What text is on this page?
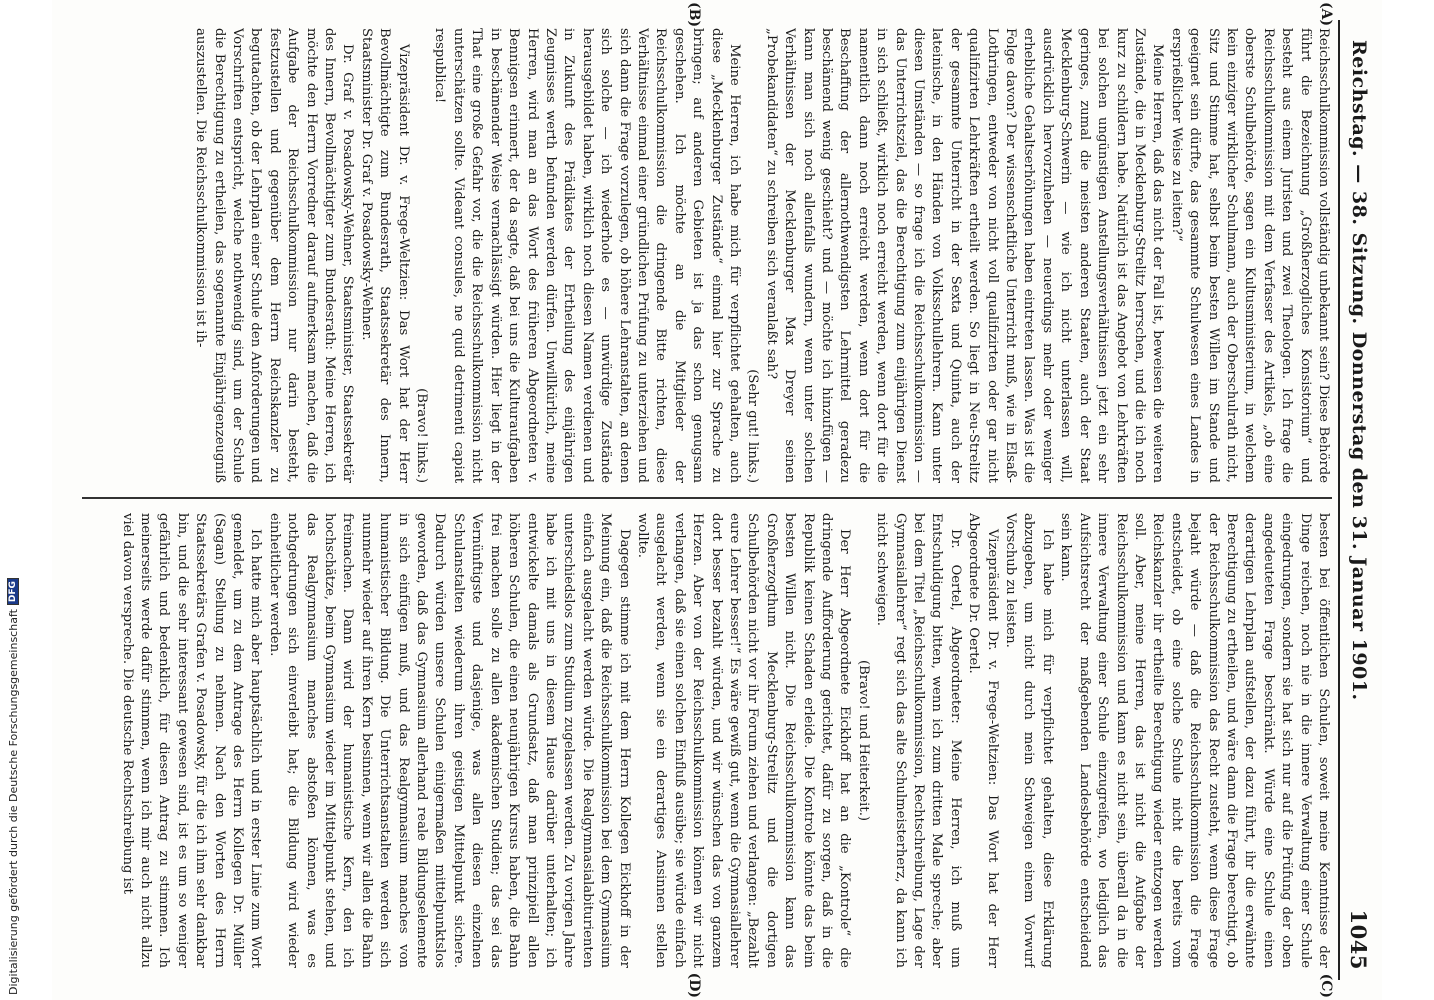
Reichstag. — 38. Sitzung. Donnerstag den 31. Januar 1901.
1045
(A)
(B)
(C)
(D)

Reichsschulkommission vollständig unbekannt sein? Diese Behörde führt die Bezeichnung „Großherzogliches Konsistorium“ und besteht aus einem Juristen und zwei Theologen. Ich frage die Reichsschulkommission mit dem Verfasser des Artikels, „ob eine oberste Schulbehörde, sagen ein Kultusministerium, in welchem kein einziger wirklicher Schulmann, auch der Oberschulrath nicht, Sitz und Stimme hat, selbst beim besten Willen im Stande und geeignet sein dürfte, das gesammte Schulwesen eines Landes in ersprießlicher Weise zu leiten?“

Meine Herren, daß das nicht der Fall ist, beweisen die weiteren Zustände, die in Mecklenburg-Strelitz herrschen, und die ich noch kurz zu schildern habe. Natürlich ist das Angebot von Lehrkräften bei solchen ungünstigen Anstellungsverhältnissen jetzt ein sehr geringes, zumal die meisten anderen Staaten, auch der Staat Mecklenburg-Schwerin — wie ich nicht unterlassen will, ausdrücklich hervorzuheben — neuerdings mehr oder weniger erhebliche Gehaltserhöhungen haben eintreten lassen. Was ist die Folge davon? Der wissenschaftliche Unterricht muß, wie in Elsaß-Lothringen, entweder von nicht voll qualifizirten oder gar nicht qualifizirten Lehrkräften ertheilt werden. So liegt in Neu-Strelitz der gesammte Unterricht in der Sexta und Quinta, auch der lateinische, in den Händen von Volksschullehrern. Kann unter diesen Umständen — so frage ich die Reichsschulkommission — das Unterrichtsziel, das die Berechtigung zum einjährigen Dienst in sich schließt, wirklich noch erreicht werden, wenn dort für die namentlich dann noch erreicht werden, wenn dort für die Beschaffung der allernothwendigsten Lehrmittel geradezu beschämend wenig geschieht? und — möchte ich hinzufügen — kann man sich noch allenfalls wundern, wenn unter solchen Verhältnissen der Mecklenburger Max Dreyer seinen „Probekandidaten“ zu schreiben sich veranlaßt sah?

(Sehr gut! links.)

Meine Herren, ich habe mich für verpflichtet gehalten, auch diese „Mecklenburger Zustände“ einmal hier zur Sprache zu bringen; auf anderen Gebieten ist ja das schon genugsam geschehen. Ich möchte an die Mitglieder der Reichsschulkommission die dringende Bitte richten, diese Verhältnisse einmal einer gründlichen Prüfung zu unterziehen und sich dann die Frage vorzulegen, ob höhere Lehranstalten, an denen sich solche — ich wiederhole es — unwürdige Zustände herausgebildet haben, wirklich noch diesen Namen verdienen und in Zukunft des Prädikates der Ertheilung des einjährigen Zeugnisses werth befunden werden dürfen. Unwillkürlich, meine Herren, wird man an das Wort des früheren Abgeordneten v. Bennigsen erinnert, der da sagte, daß bei uns die Kulturaufgaben in beschämender Weise vernachlässigt würden. Hier liegt in der That eine große Gefahr vor, die die Reichsschulkommission nicht unterschätzen sollte. Videant consules, ne quid detrimenti capiat respublica!

(Bravo! links.)

Vizepräsident Dr. v. Frege-Weltzien: Das Wort hat der Herr Bevollmächtigte zum Bundesrath, Staatssekretär des Innern, Staatsminister Dr. Graf v. Posadowsky-Wehner.

Dr. Graf v. Posadowsky-Wehner, Staatsminister, Staatssekretär des Innern, Bevollmächtigter zum Bundesrath: Meine Herren, ich möchte den Herrn Vorredner darauf aufmerksam machen, daß die Aufgabe der Reichsschulkommission nur darin besteht, festzustellen und gegenüber dem Herrn Reichskanzler zu begutachten, ob der Lehrplan einer Schule den Anforderungen und Vorschriften entspricht, welche nothwendig sind, um der Schule die Berechtigung zu ertheilen, das sogenannte Einjährigenzeugniß auszustellen. Die Reichsschulkommission ist ih-

besten bei öffentlichen Schulen, soweit meine Kenntnisse der Dinge reichen, noch nie in die innere Verwaltung einer Schule eingedrungen, sondern sie hat sich nur auf die Prüfung der oben angedeuteten Frage beschränkt. Würde eine Schule einen derartigen Lehrplan aufstellen, der dazu führt, ihr die erwähnte Berechtigung zu ertheilen, und wäre dann die Frage berechtigt, ob der Reichsschulkommission das Recht zusteht, wenn diese Frage bejaht würde — daß die Reichsschulkommission die Frage entscheidet, ob eine solche Schule nicht die bereits vom Reichskanzler ihr ertheilte Berechtigung wieder entzogen werden soll. Aber, meine Herren, das ist nicht die Aufgabe der Reichsschulkommission und kann es nicht sein, überall da in die innere Verwaltung einer Schule einzugreifen, wo lediglich das Aufsichtsrecht der maßgebenden Landesbehörde entscheidend sein kann.

Ich habe mich für verpflichtet gehalten, diese Erklärung abzugeben, um nicht durch mein Schweigen einem Vorwurf Vorschub zu leisten.

Vizepräsident Dr. v. Frege-Weltzien: Das Wort hat der Herr Abgeordnete Dr. Oertel.

Dr. Oertel, Abgeordneter: Meine Herren, ich muß um Entschuldigung bitten, wenn ich zum dritten Male spreche; aber bei dem Titel „Reichsschulkommission, Rechtschreibung, Lage der Gymnasiallehrer“ regt sich das alte Schulmeisterherz, da kann ich nicht schweigen.

(Bravo! und Heiterkeit.)

Der Herr Abgeordnete Eickhoff hat an die „Kontrole“ die dringende Aufforderung gerichtet, dafür zu sorgen, daß in die Republik keinen Schaden erleide. Die Kontrole könnte das beim besten Willen nicht. Die Reichsschulkommission kann das Großherzogthum Mecklenburg-Strelitz und die dortigen Schulbehörden nicht vor ihr Forum ziehen und verlangen: „Bezahlt eure Lehrer besser!“ Es wäre gewiß gut, wenn die Gymnasiallehrer dort besser bezahlt würden, und wir wünschen das von ganzem Herzen. Aber von der Reichsschulkommission können wir nicht verlangen, daß sie einen solchen Einfluß ausübe; sie würde einfach ausgelacht werden, wenn sie ein derartiges Ansinnen stellen wollte.

Dagegen stimme ich mit dem Herrn Kollegen Eickhoff in der Meinung ein, daß die Reichsschulkommission bei dem Gymnasium einfach ausgelacht werden würde. Die Realgymnasialabiturienten unterschiedslos zum Studium zugelassen werden. Zu vorigen Jahre habe ich mit uns in diesem Hause darüber unterhalten; ich entwickelte damals als Grundsatz, daß man prinzipiell allen höheren Schulen, die einen neunjährigen Kursus haben, die Bahn frei machen solle zu allen akademischen Studien; das sei das Vernünftigste und dasjenige, was allen diesen einzelnen Schulanstalten wiederum ihren geistigen Mittelpunkt sichere. Dadurch würden unsere Schulen einigermaßen mittelpunktslos geworden, daß das Gymnasium allerhand reale Bildungselemente in sich einfügen muß, und das Realgymnasium manches von humanistischer Bildung. Die Unterrichtsanstalten werden sich nunmehr wieder auf ihren Kern besinnen, wenn wir allen die Bahn freimachen. Dann wird der humanistische Kern, den ich hochschätze, beim Gymnasium wieder im Mittelpunkt stehen, und das Realgymnasium manches abstoßen können, was es nothgedrungen sich einverleibt hat; die Bildung wird wieder einheitlicher werden.

Ich hatte mich aber hauptsächlich und in erster Linie zum Wort gemeldet, um zu dem Antrage des Herrn Kollegen Dr. Müller (Sagan) Stellung zu nehmen. Nach den Worten des Herrn Staatssekretärs Grafen v. Posadowsky, für die ich ihm sehr dankbar bin, und die sehr interessant gewesen sind, ist es um so weniger gefährlich und bedenklich, für diesen Antrag zu stimmen. Ich meinerseits werde dafür stimmen, wenn ich mir auch nicht allzu viel davon verspreche. Die deutsche Rechtschreibung ist

Digitalisierung gefördert durch die Deutsche Forschungsgemeinschaft
DFG
